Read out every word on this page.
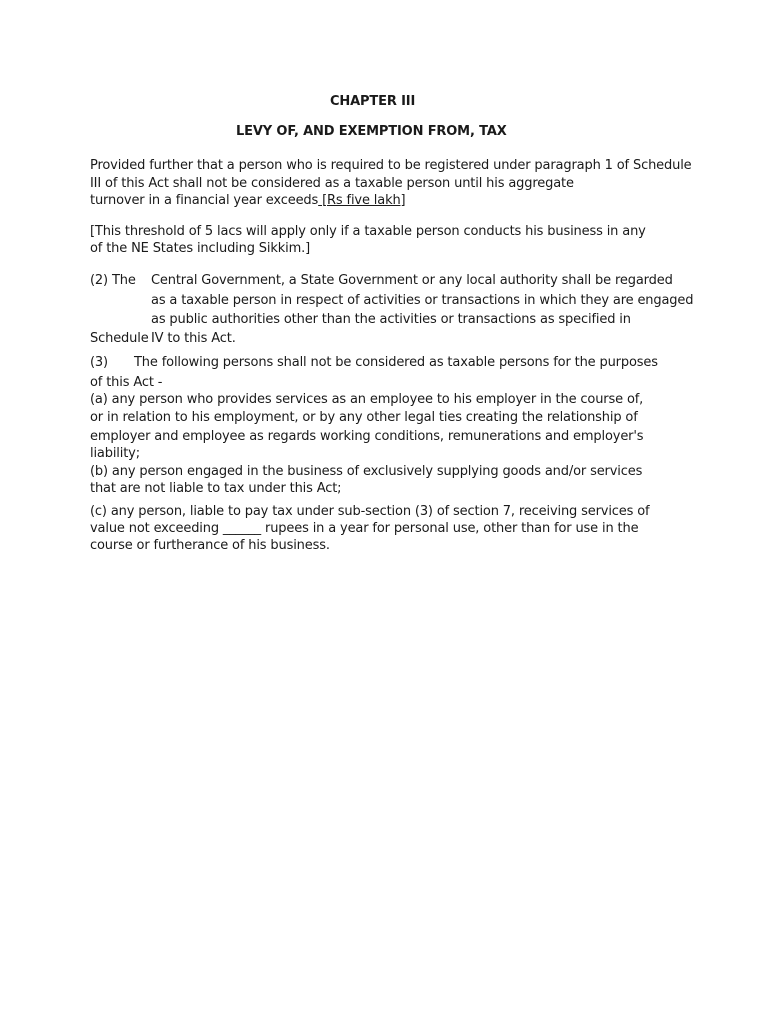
CHAPTER III
LEVY OF, AND EXEMPTION FROM, TAX
Provided further that a person who is required to be registered under paragraph 1 of Schedule
III of this Act shall not be considered as a taxable person until his aggregate
turnover in a financial year exceeds [Rs five lakh]
[This threshold of 5 lacs will apply only if a taxable person conducts his business in any
of the NE States including Sikkim.]
(2) The Central Government, a State Government or any local authority shall be regarded
as a taxable person in respect of activities or transactions in which they are engaged
as public authorities other than the activities or transactions as specified in
Schedule IV to this Act.
(3) The following persons shall not be considered as taxable persons for the purposes
of this Act -
(a) any person who provides services as an employee to his employer in the course of,
or in relation to his employment, or by any other legal ties creating the relationship of
employer and employee as regards working conditions, remunerations and employer's
liability;
(b) any person engaged in the business of exclusively supplying goods and/or services
that are not liable to tax under this Act;
(c) any person, liable to pay tax under sub-section (3) of section 7, receiving services of
value not exceeding ______ rupees in a year for personal use, other than for use in the
course or furtherance of his business.
